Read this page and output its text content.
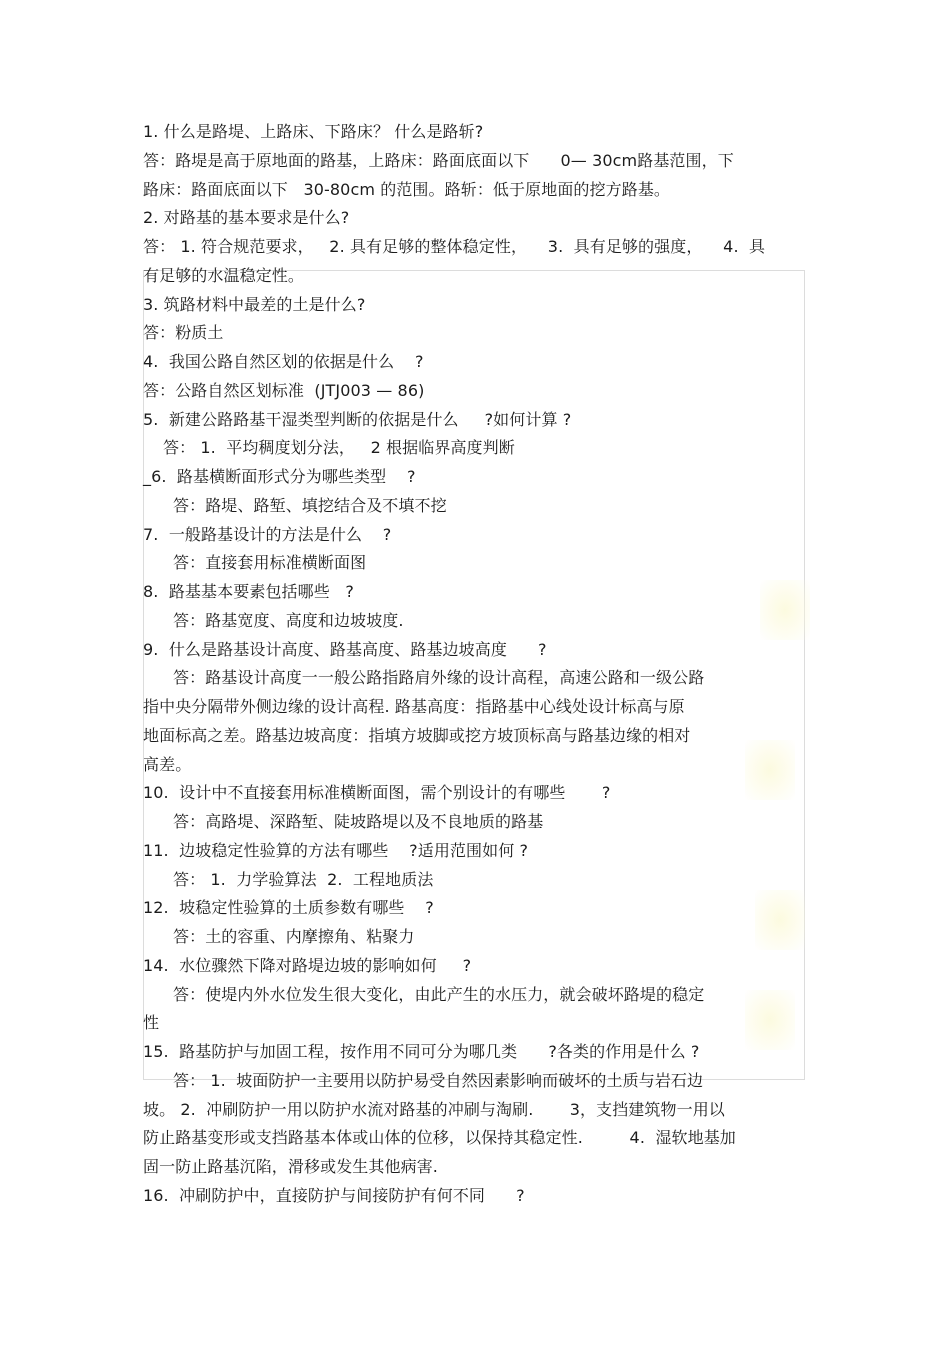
1. 什么是路堤、上路床、下路床？ 什么是路斩?
答：路堤是高于原地面的路基，上路床：路面底面以下      0— 30cm路基范围，下
路床：路面底面以下   30-80cm 的范围。路斩：低于原地面的挖方路基。
2. 对路基的基本要求是什么?
答： 1. 符合规范要求，   2. 具有足够的整体稳定性，    3.  具有足够的强度，    4.  具
有足够的水温稳定性。
3. 筑路材料中最差的土是什么?
答：粉质土
4.  我国公路自然区划的依据是什么    ?
答：公路自然区划标准  (JTJ003 — 86)
5.  新建公路路基干湿类型判断的依据是什么     ?如何计算 ?
答： 1.  平均稠度划分法，   2 根据临界高度判断
_6.  路基横断面形式分为哪些类型    ?
答：路堤、路堑、填挖结合及不填不挖
7.  一般路基设计的方法是什么    ?
答：直接套用标准横断面图
8.  路基基本要素包括哪些   ?
答：路基宽度、高度和边坡坡度.
9.  什么是路基设计高度、路基高度、路基边坡高度      ?
答：路基设计高度一一般公路指路肩外缘的设计高程，高速公路和一级公路
指中央分隔带外侧边缘的设计高程. 路基高度：指路基中心线处设计标高与原
地面标高之差。路基边坡高度：指填方坡脚或挖方坡顶标高与路基边缘的相对
高差。
10.  设计中不直接套用标准横断面图，需个别设计的有哪些       ?
答：高路堤、深路堑、陡坡路堤以及不良地质的路基
11.  边坡稳定性验算的方法有哪些    ?适用范围如何 ?
答： 1.  力学验算法  2.  工程地质法
12.  坡稳定性验算的土质参数有哪些    ?
答：土的容重、内摩擦角、粘聚力
14.  水位骤然下降对路堤边坡的影响如何     ?
答：使堤内外水位发生很大变化，由此产生的水压力，就会破坏路堤的稳定
性
15.  路基防护与加固工程，按作用不同可分为哪几类      ?各类的作用是什么 ?
答： 1.  坡面防护一主要用以防护易受自然因素影响而破坏的土质与岩石边
坡。 2.  冲刷防护一用以防护水流对路基的冲刷与淘刷.       3，支挡建筑物一用以
防止路基变形或支挡路基本体或山体的位移，以保持其稳定性.         4.  湿软地基加
固一防止路基沉陷，滑移或发生其他病害.
16.  冲刷防护中，直接防护与间接防护有何不同      ?
